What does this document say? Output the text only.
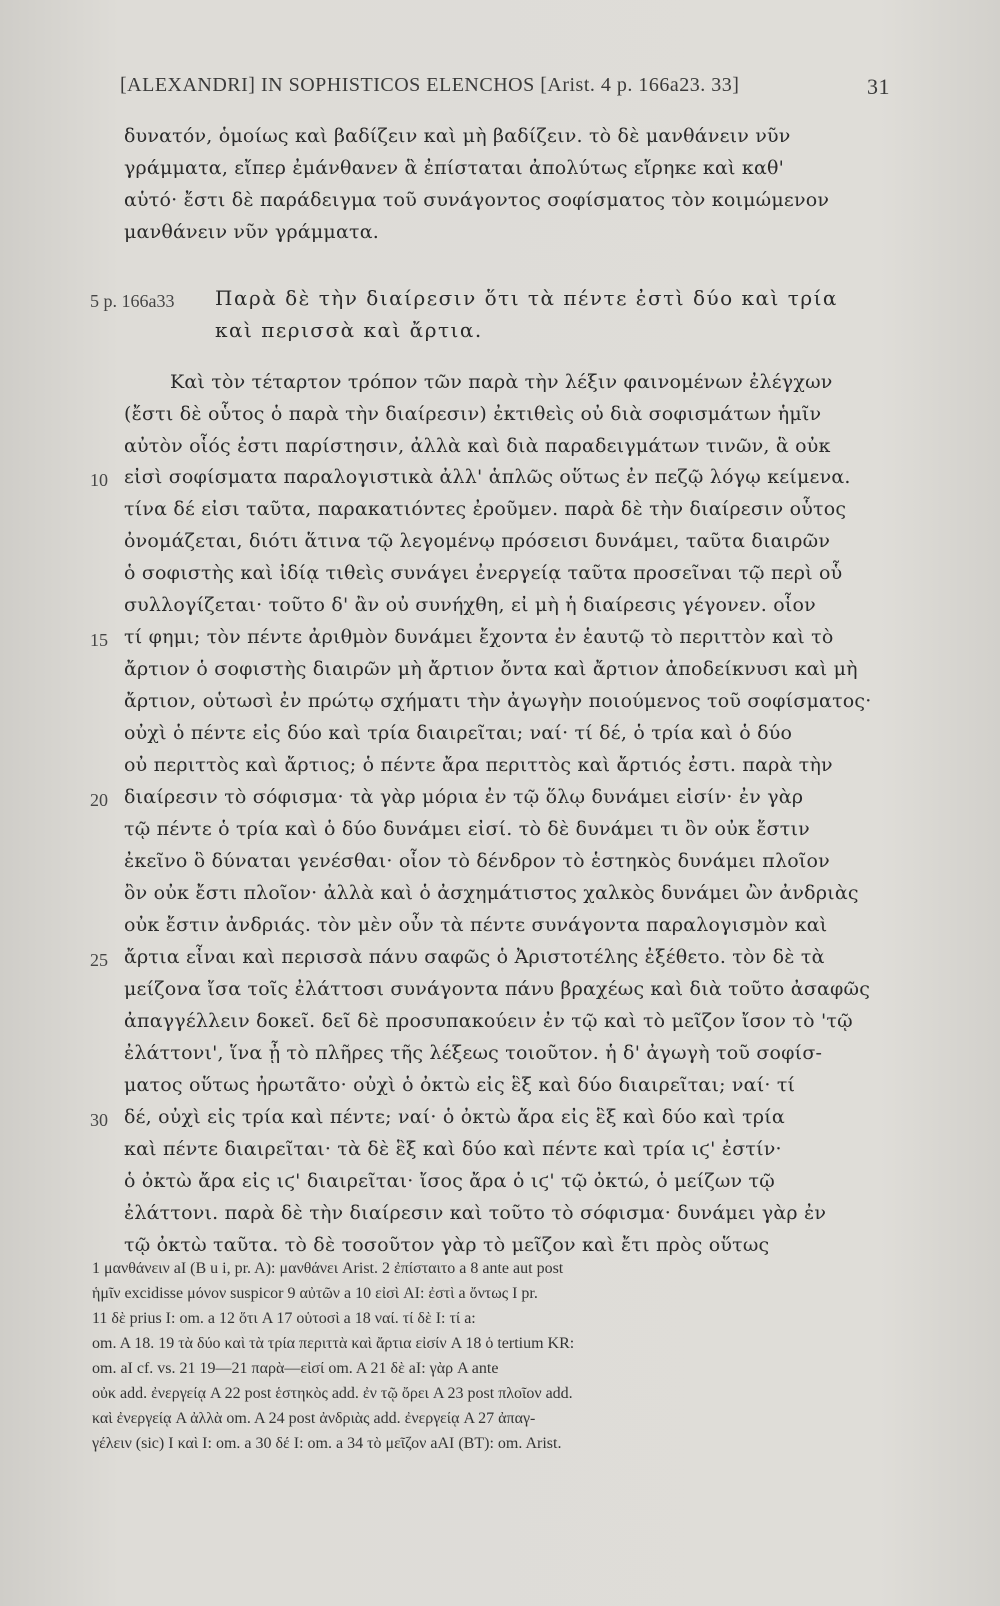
[ALEXANDRI] IN SOPHISTICOS ELENCHOS [Arist. 4 p. 166a23. 33]	31
δυνατόν, ὁμοίως καὶ βαδίζειν καὶ μὴ βαδίζειν. τὸ δὲ μανθάνειν νῦν
γράμματα, εἴπερ ἐμάνθανεν ἃ ἐπίσταται ἀπολύτως εἴρηκε καὶ καθ'
αὑτό· ἔστι δὲ παράδειγμα τοῦ συνάγοντος σοφίσματος τὸν κοιμώμενον
μανθάνειν νῦν γράμματα.
Παρὰ δὲ τὴν διαίρεσιν ὅτι τὰ πέντε ἐστὶ δύο καὶ τρία
καὶ περισσὰ καὶ ἄρτια.
Καὶ τὸν τέταρτον τρόπον τῶν παρὰ τὴν λέξιν φαινομένων ἐλέγχων
(ἔστι δὲ οὗτος ὁ παρὰ τὴν διαίρεσιν) ἐκτιθεὶς οὐ διὰ σοφισμάτων ἡμῖν
αὐτὸν οἷός ἐστι παρίστησιν, ἀλλὰ καὶ διὰ παραδειγμάτων τινῶν, ἃ οὐκ
εἰσὶ σοφίσματα παραλογιστικὰ ἀλλ' ἁπλῶς οὕτως ἐν πεζῷ λόγῳ κείμενα.
τίνα δέ εἰσι ταῦτα, παρακατιόντες ἐροῦμεν. παρὰ δὲ τὴν διαίρεσιν οὗτος
ὀνομάζεται, διότι ἅτινα τῷ λεγομένῳ πρόσεισι δυνάμει, ταῦτα διαιρῶν
ὁ σοφιστὴς καὶ ἰδίᾳ τιθεὶς συνάγει ἐνεργείᾳ ταῦτα προσεῖναι τῷ περὶ οὗ
συλλογίζεται· τοῦτο δ' ἂν οὐ συνήχθη, εἰ μὴ ἡ διαίρεσις γέγονεν. οἷον
τί φημι; τὸν πέντε ἀριθμὸν δυνάμει ἔχοντα ἐν ἑαυτῷ τὸ περιττὸν καὶ τὸ
ἄρτιον ὁ σοφιστὴς διαιρῶν μὴ ἄρτιον ὄντα καὶ ἄρτιον ἀποδείκνυσι καὶ μὴ
ἄρτιον, οὑτωσὶ ἐν πρώτῳ σχήματι τὴν ἀγωγὴν ποιούμενος τοῦ σοφίσματος·
οὐχὶ ὁ πέντε εἰς δύο καὶ τρία διαιρεῖται; ναί· τί δέ, ὁ τρία καὶ ὁ δύο
οὐ περιττὸς καὶ ἄρτιος; ὁ πέντε ἄρα περιττὸς καὶ ἄρτιός ἐστι. παρὰ τὴν
διαίρεσιν τὸ σόφισμα· τὰ γὰρ μόρια ἐν τῷ ὅλῳ δυνάμει εἰσίν· ἐν γὰρ
τῷ πέντε ὁ τρία καὶ ὁ δύο δυνάμει εἰσί. τὸ δὲ δυνάμει τι ὂν οὐκ ἔστιν
ἐκεῖνο ὃ δύναται γενέσθαι· οἷον τὸ δένδρον τὸ ἑστηκὸς δυνάμει πλοῖον
ὂν οὐκ ἔστι πλοῖον· ἀλλὰ καὶ ὁ ἀσχημάτιστος χαλκὸς δυνάμει ὢν ἀνδριὰς
οὐκ ἔστιν ἀνδριάς. τὸν μὲν οὖν τὰ πέντε συνάγοντα παραλογισμὸν καὶ
ἄρτια εἶναι καὶ περισσὰ πάνυ σαφῶς ὁ Ἀριστοτέλης ἐξέθετο. τὸν δὲ τὰ
μείζονα ἴσα τοῖς ἐλάττοσι συνάγοντα πάνυ βραχέως καὶ διὰ τοῦτο ἀσαφῶς
ἀπαγγέλλειν δοκεῖ. δεῖ δὲ προσυπακούειν ἐν τῷ καὶ τὸ μεῖζον ἴσον τὸ 'τῷ
ἐλάττονι', ἵνα ᾖ τὸ πλῆρες τῆς λέξεως τοιοῦτον. ἡ δ' ἀγωγὴ τοῦ σοφίσ-
ματος οὕτως ἠρωτᾶτο· οὐχὶ ὁ ὀκτὼ εἰς ἓξ καὶ δύο διαιρεῖται; ναί· τί
δέ, οὐχὶ εἰς τρία καὶ πέντε; ναί· ὁ ὀκτὼ ἄρα εἰς ἓξ καὶ δύο καὶ τρία
καὶ πέντε διαιρεῖται· τὰ δὲ ἓξ καὶ δύο καὶ πέντε καὶ τρία ιϛ' ἐστίν·
ὁ ὀκτὼ ἄρα εἰς ιϛ' διαιρεῖται· ἴσος ἄρα ὁ ιϛ' τῷ ὀκτώ, ὁ μείζων τῷ
ἐλάττονι. παρὰ δὲ τὴν διαίρεσιν καὶ τοῦτο τὸ σόφισμα· δυνάμει γὰρ ἐν
τῷ ὀκτὼ ταῦτα. τὸ δὲ τοσοῦτον γὰρ τὸ μεῖζον καὶ ἔτι πρὸς οὕτως
5 p. 166a33
10
15
20
25
30
1 μανθάνειν aI (B u i, pr. A): μανθάνει Arist. 2 ἐπίσταιτο a 8 ante aut post
ἡμῖν excidisse μόνον suspicor 9 αὐτῶν a 10 εἰσὶ AI: ἐστὶ a ὄντως I pr.
11 δὲ prius I: om. a 12 ὅτι A 17 οὑτοσὶ a 18 ναί. τί δὲ I: τί a:
om. A 18. 19 τὰ δύο καὶ τὰ τρία περιττὰ καὶ ἄρτια εἰσίν A 18 ὁ tertium KR:
om. aI cf. vs. 21 19—21 παρὰ—εἰσί om. A 21 δὲ aI: γὰρ A ante
οὐκ add. ἐνεργείᾳ A 22 post ἑστηκὸς add. ἐν τῷ ὄρει A 23 post πλοῖον add.
καὶ ἐνεργείᾳ A ἀλλὰ om. A 24 post ἀνδριὰς add. ἐνεργείᾳ A 27 ἀπαγ-
γέλειν (sic) I καὶ I: om. a 30 δέ I: om. a 34 τὸ μεῖζον aAI (BT): om. Arist.
